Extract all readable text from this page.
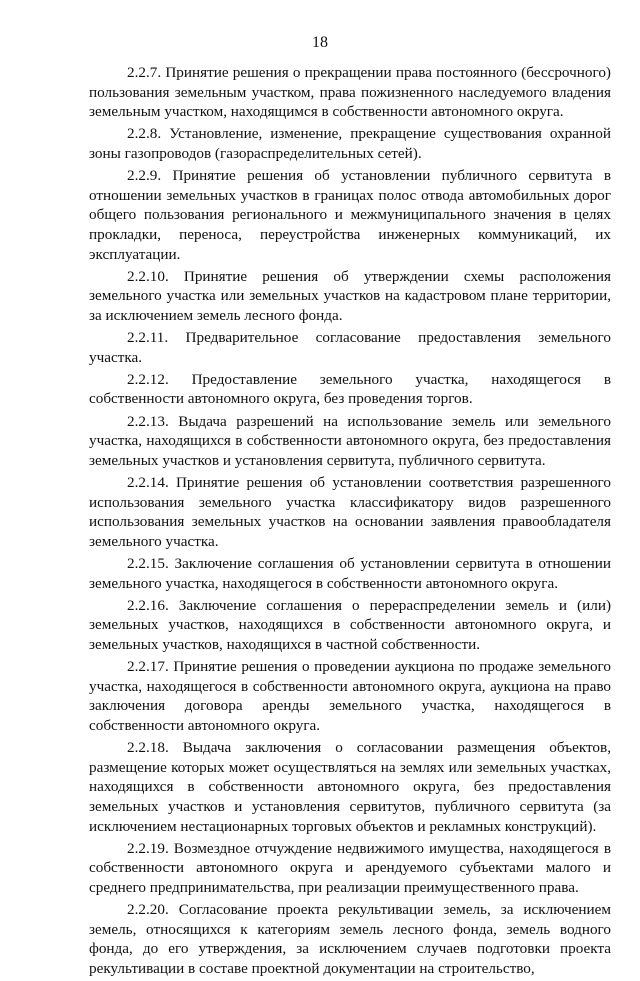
18

2.2.7. Принятие решения о прекращении права постоянного (бессрочного) пользования земельным участком, права пожизненного наследуемого владения земельным участком, находящимся в собственности автономного округа.

2.2.8. Установление, изменение, прекращение существования охранной зоны газопроводов (газораспределительных сетей).

2.2.9. Принятие решения об установлении публичного сервитута в отношении земельных участков в границах полос отвода автомобильных дорог общего пользования регионального и межмуниципального значения в целях прокладки, переноса, переустройства инженерных коммуникаций, их эксплуатации.

2.2.10. Принятие решения об утверждении схемы расположения земельного участка или земельных участков на кадастровом плане территории, за исключением земель лесного фонда.

2.2.11. Предварительное согласование предоставления земельного участка.

2.2.12. Предоставление земельного участка, находящегося в собственности автономного округа, без проведения торгов.

2.2.13. Выдача разрешений на использование земель или земельного участка, находящихся в собственности автономного округа, без предоставления земельных участков и установления сервитута, публичного сервитута.

2.2.14. Принятие решения об установлении соответствия разрешенного использования земельного участка классификатору видов разрешенного использования земельных участков на основании заявления правообладателя земельного участка.

2.2.15. Заключение соглашения об установлении сервитута в отношении земельного участка, находящегося в собственности автономного округа.

2.2.16. Заключение соглашения о перераспределении земель и (или) земельных участков, находящихся в собственности автономного округа, и земельных участков, находящихся в частной собственности.

2.2.17. Принятие решения о проведении аукциона по продаже земельного участка, находящегося в собственности автономного округа, аукциона на право заключения договора аренды земельного участка, находящегося в собственности автономного округа.

2.2.18. Выдача заключения о согласовании размещения объектов, размещение которых может осуществляться на землях или земельных участках, находящихся в собственности автономного округа, без предоставления земельных участков и установления сервитутов, публичного сервитута (за исключением нестационарных торговых объектов и рекламных конструкций).

2.2.19. Возмездное отчуждение недвижимого имущества, находящегося в собственности автономного округа и арендуемого субъектами малого и среднего предпринимательства, при реализации преимущественного права.

2.2.20. Согласование проекта рекультивации земель, за исключением земель, относящихся к категориям земель лесного фонда, земель водного фонда, до его утверждения, за исключением случаев подготовки проекта рекультивации в составе проектной документации на строительство,
